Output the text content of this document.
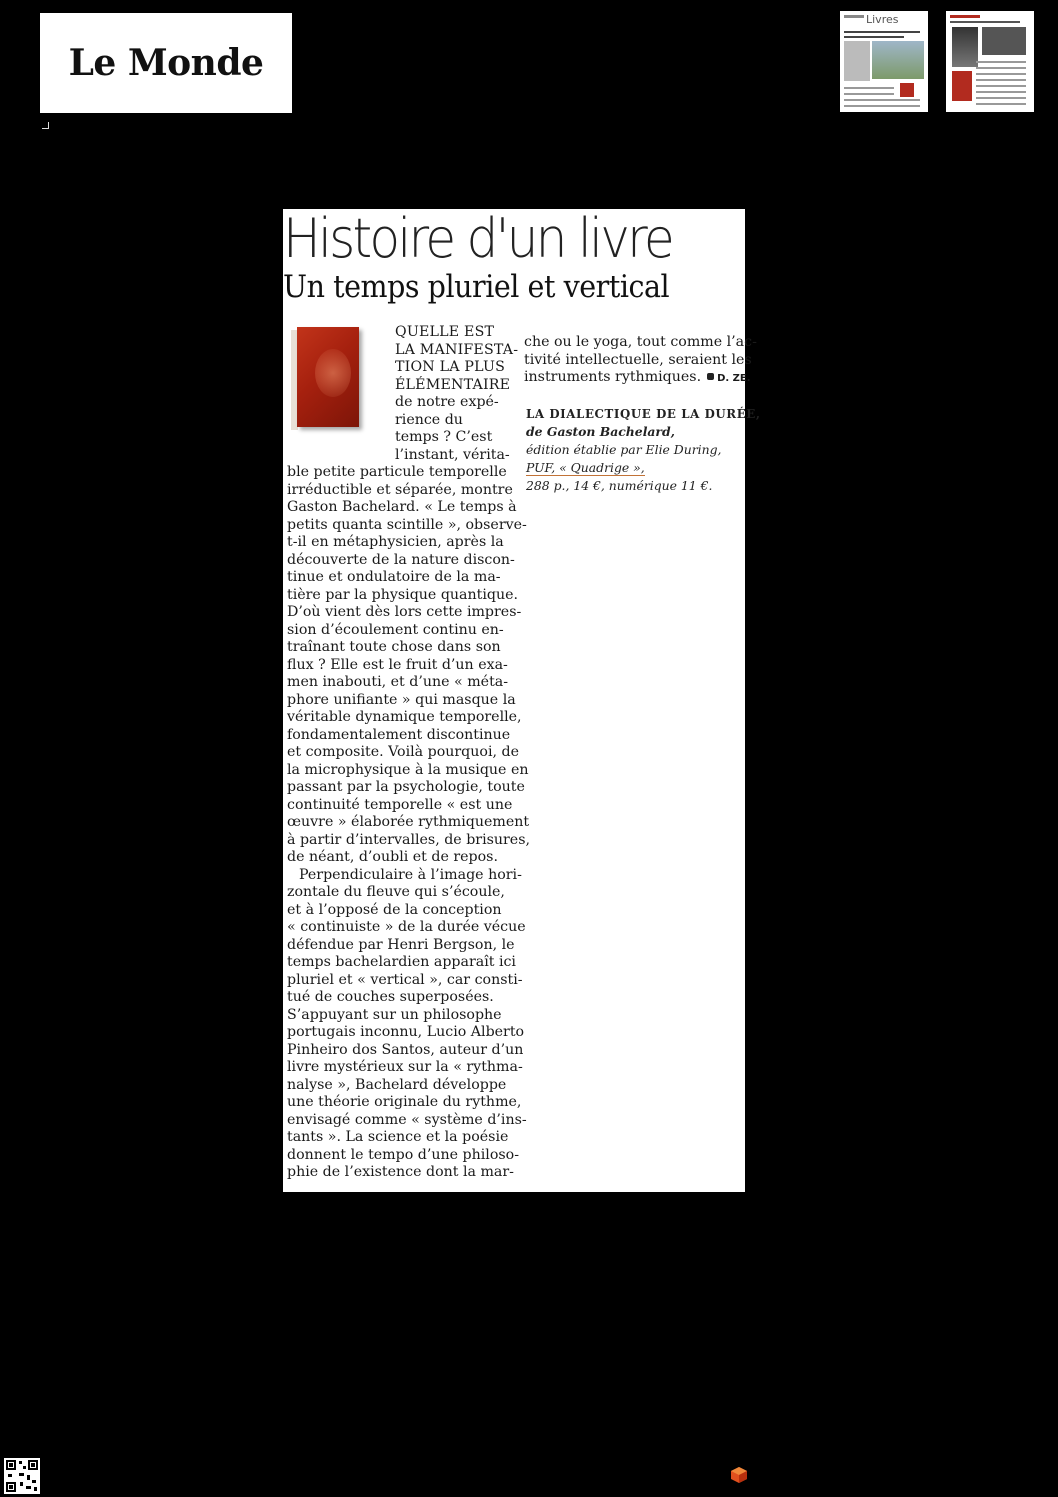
Le Monde
Livres
Histoire d'un livre
Un temps pluriel et vertical
QUELLE EST
LA MANIFESTA-
TION LA PLUS
ÉLÉMENTAIRE
de notre expé-
rience du
temps ? C’est
l’instant, vérita-
ble petite particule temporelle
irréductible et séparée, montre
Gaston Bachelard. « Le temps à
petits quanta scintille », observe-
t-il en métaphysicien, après la
découverte de la nature discon-
tinue et ondulatoire de la ma-
tière par la physique quantique.
D’où vient dès lors cette impres-
sion d’écoulement continu en-
traînant toute chose dans son
flux ? Elle est le fruit d’un exa-
men inabouti, et d’une « méta-
phore unifiante » qui masque la
véritable dynamique temporelle,
fondamentalement discontinue
et composite. Voilà pourquoi, de
la microphysique à la musique en
passant par la psychologie, toute
continuité temporelle « est une
œuvre » élaborée rythmiquement
à partir d’intervalles, de brisures,
de néant, d’oubli et de repos.
Perpendiculaire à l’image hori-
zontale du fleuve qui s’écoule,
et à l’opposé de la conception
« continuiste » de la durée vécue
défendue par Henri Bergson, le
temps bachelardien apparaît ici
pluriel et « vertical », car consti-
tué de couches superposées.
S’appuyant sur un philosophe
portugais inconnu, Lucio Alberto
Pinheiro dos Santos, auteur d’un
livre mystérieux sur la « rythma-
nalyse », Bachelard développe
une théorie originale du rythme,
envisagé comme « système d’ins-
tants ». La science et la poésie
donnent le tempo d’une philoso-
phie de l’existence dont la mar-
che ou le yoga, tout comme l’ac-
tivité intellectuelle, seraient les
instruments rythmiques. D. ZE.
LA DIALECTIQUE DE LA DURÉE,
de Gaston Bachelard,
édition établie par Elie During,
PUF, « Quadrige »,
288 p., 14 €, numérique 11 €.
